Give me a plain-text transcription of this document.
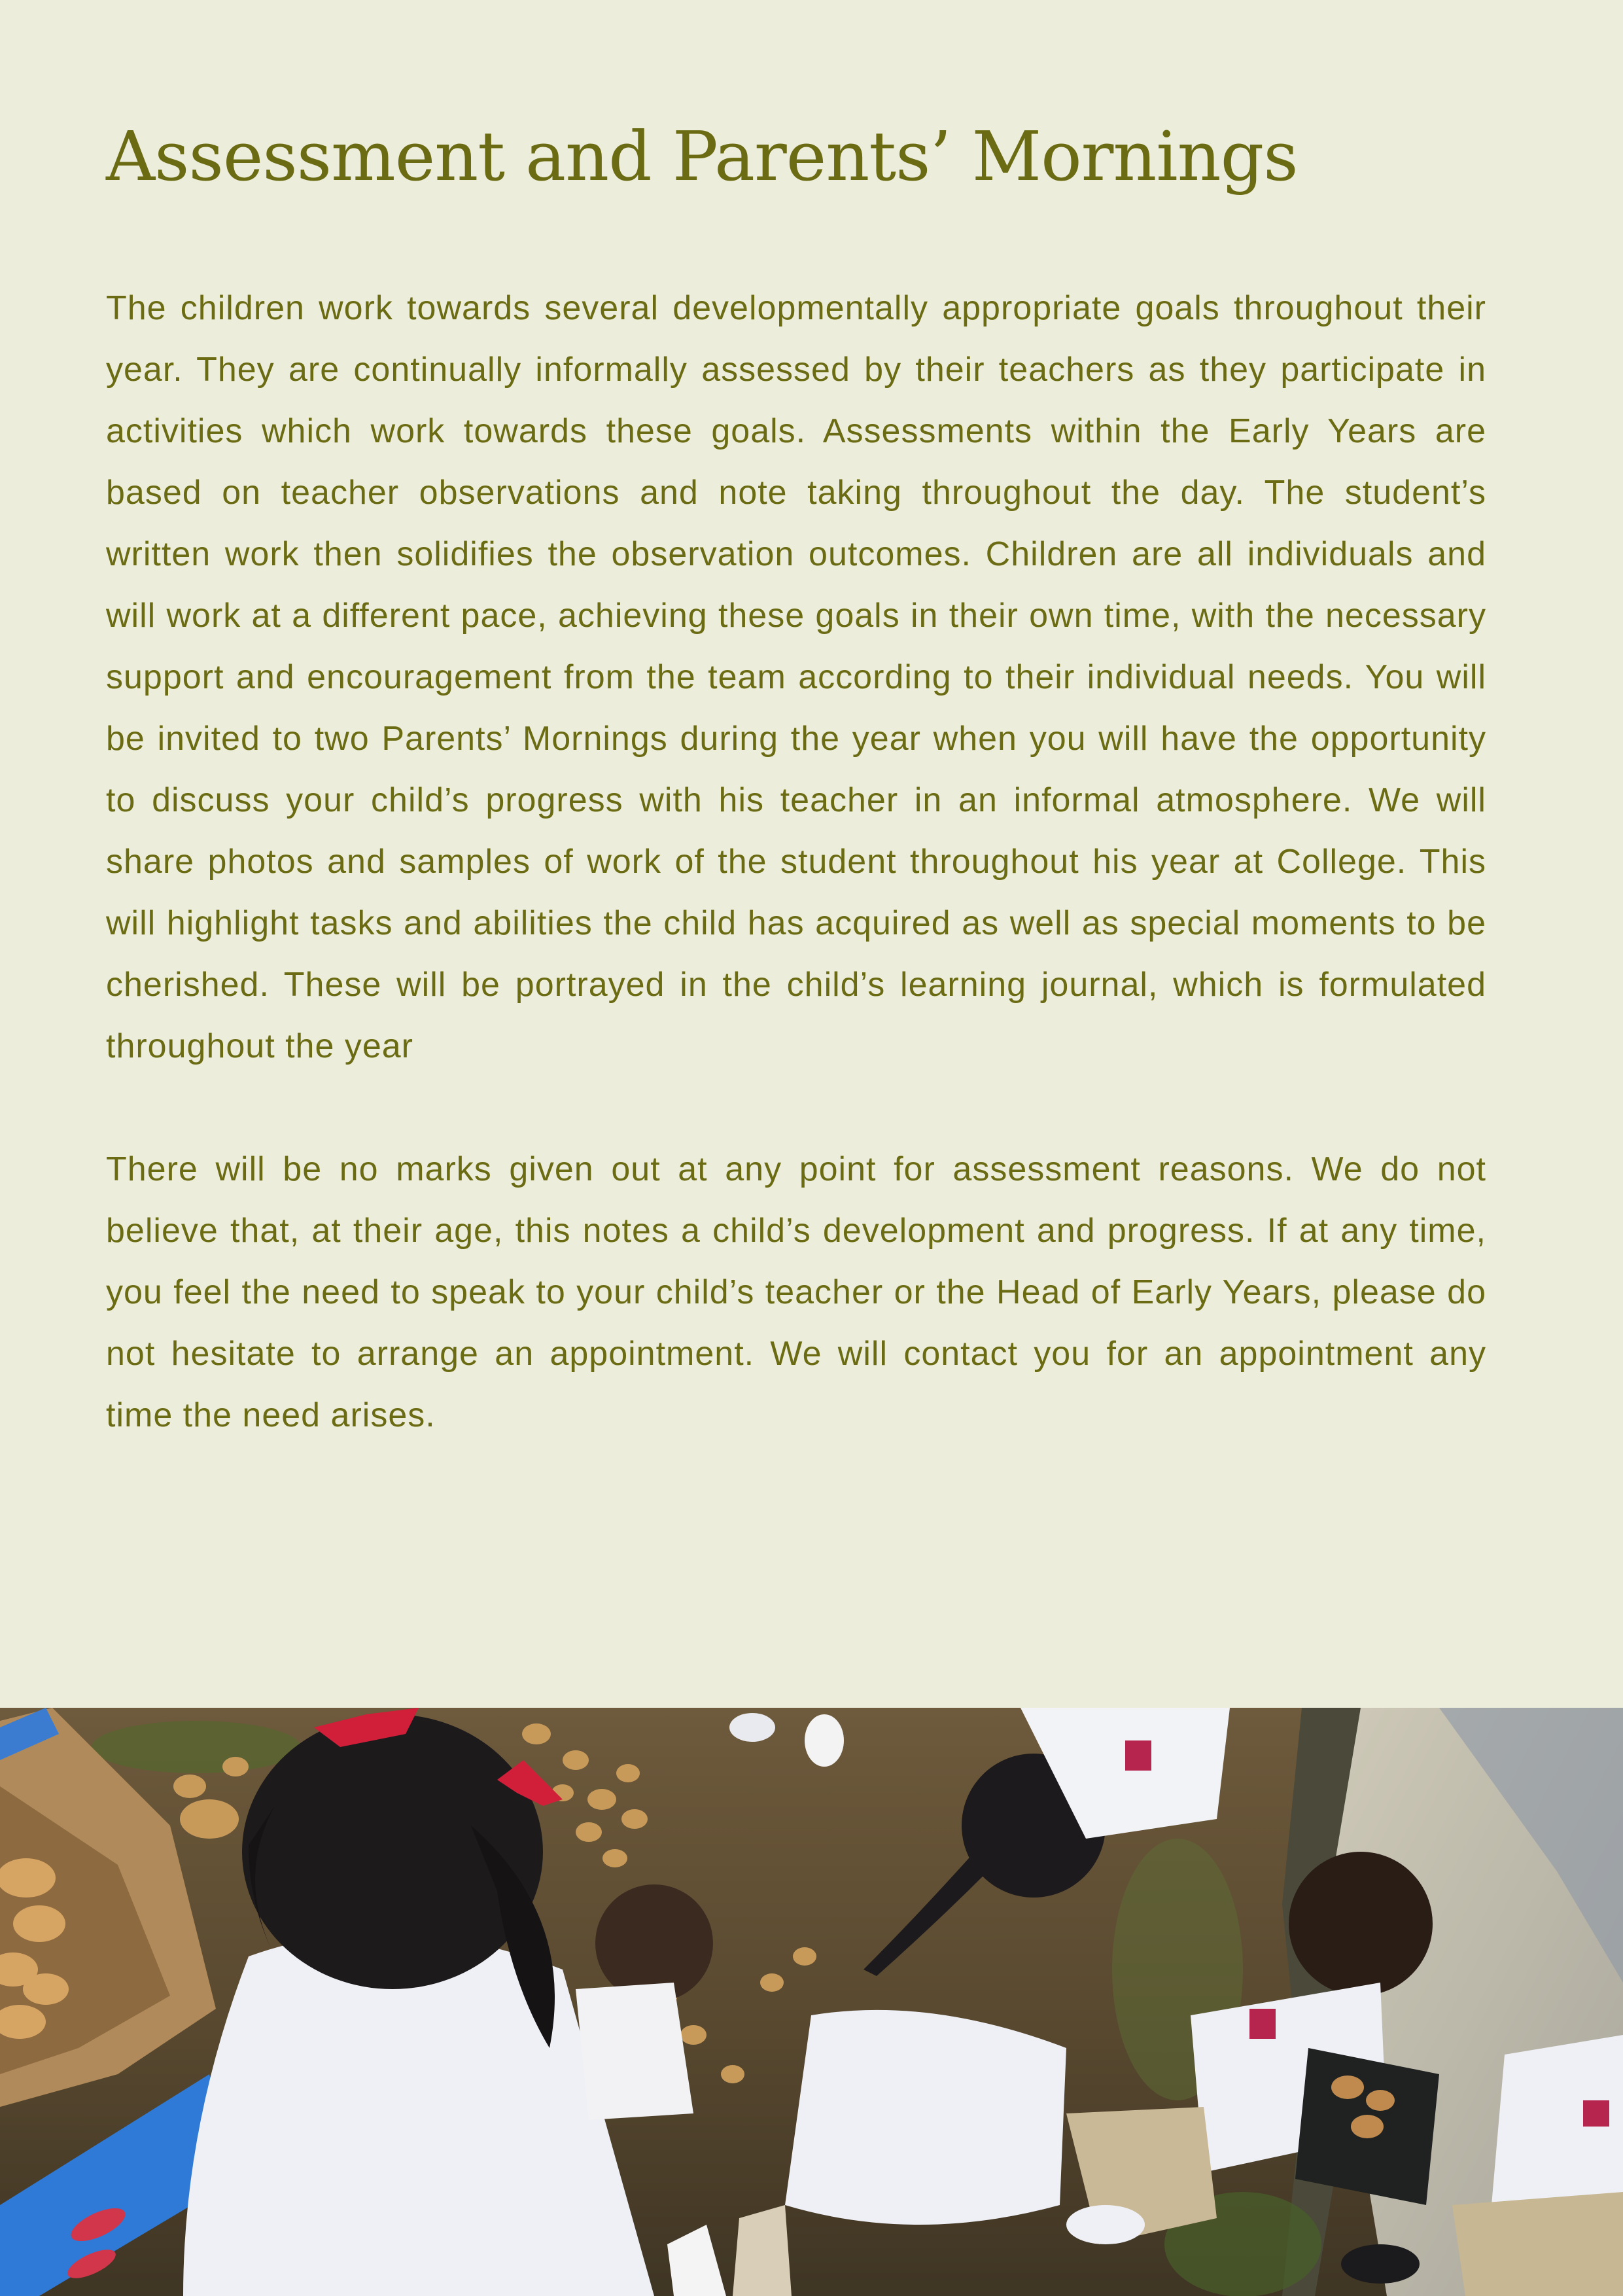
Assessment and Parents’ Mornings

The children work towards several developmentally appropriate goals throughout their year. They are continually informally assessed by their teachers as they participate in activities which work towards these goals. Assessments within the Early Years are based on teacher observations and note taking throughout the day. The student’s written work then solidifies the observation outcomes. Children are all individuals and will work at a different pace, achieving these goals in their own time, with the necessary support and encouragement from the team according to their individual needs. You will be invited to two Parents’ Mornings during the year when you will have the opportunity to discuss your child’s progress with his teacher in an informal atmosphere. We will share photos and samples of work of the student throughout his year at College. This will highlight tasks and abilities the child has acquired as well as special moments to be cherished. These will be portrayed in the child’s learning journal, which is formulated throughout the year

There will be no marks given out at any point for assessment reasons. We do not believe that, at their age, this notes a child’s development and progress. If at any time, you feel the need to speak to your child’s teacher or the Head of Early Years, please do not hesitate to arrange an appointment. We will contact you for an appointment any time the need arises.
